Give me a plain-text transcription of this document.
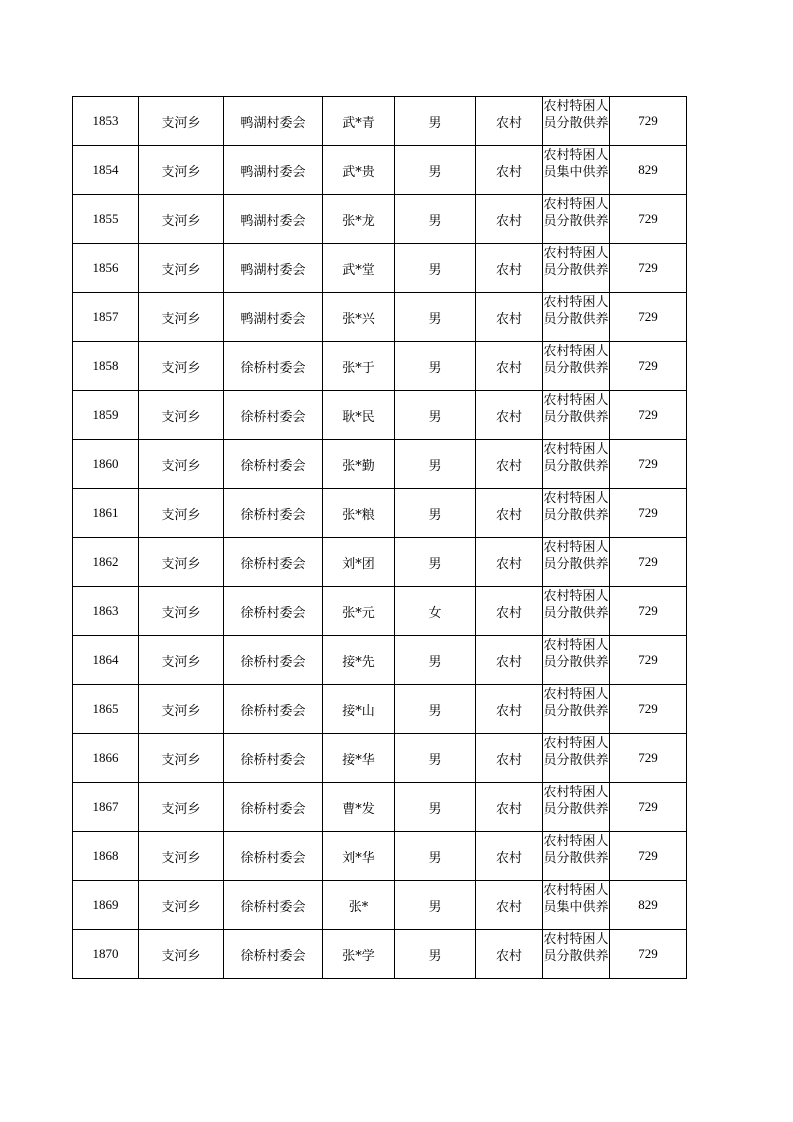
1853	支河乡	鸭湖村委会	武*青	男	农村	农村特困人员分散供养	729
1854	支河乡	鸭湖村委会	武*贵	男	农村	农村特困人员集中供养	829
1855	支河乡	鸭湖村委会	张*龙	男	农村	农村特困人员分散供养	729
1856	支河乡	鸭湖村委会	武*堂	男	农村	农村特困人员分散供养	729
1857	支河乡	鸭湖村委会	张*兴	男	农村	农村特困人员分散供养	729
1858	支河乡	徐桥村委会	张*于	男	农村	农村特困人员分散供养	729
1859	支河乡	徐桥村委会	耿*民	男	农村	农村特困人员分散供养	729
1860	支河乡	徐桥村委会	张*勤	男	农村	农村特困人员分散供养	729
1861	支河乡	徐桥村委会	张*粮	男	农村	农村特困人员分散供养	729
1862	支河乡	徐桥村委会	刘*团	男	农村	农村特困人员分散供养	729
1863	支河乡	徐桥村委会	张*元	女	农村	农村特困人员分散供养	729
1864	支河乡	徐桥村委会	接*先	男	农村	农村特困人员分散供养	729
1865	支河乡	徐桥村委会	接*山	男	农村	农村特困人员分散供养	729
1866	支河乡	徐桥村委会	接*华	男	农村	农村特困人员分散供养	729
1867	支河乡	徐桥村委会	曹*发	男	农村	农村特困人员分散供养	729
1868	支河乡	徐桥村委会	刘*华	男	农村	农村特困人员分散供养	729
1869	支河乡	徐桥村委会	张*	男	农村	农村特困人员集中供养	829
1870	支河乡	徐桥村委会	张*学	男	农村	农村特困人员分散供养	729
